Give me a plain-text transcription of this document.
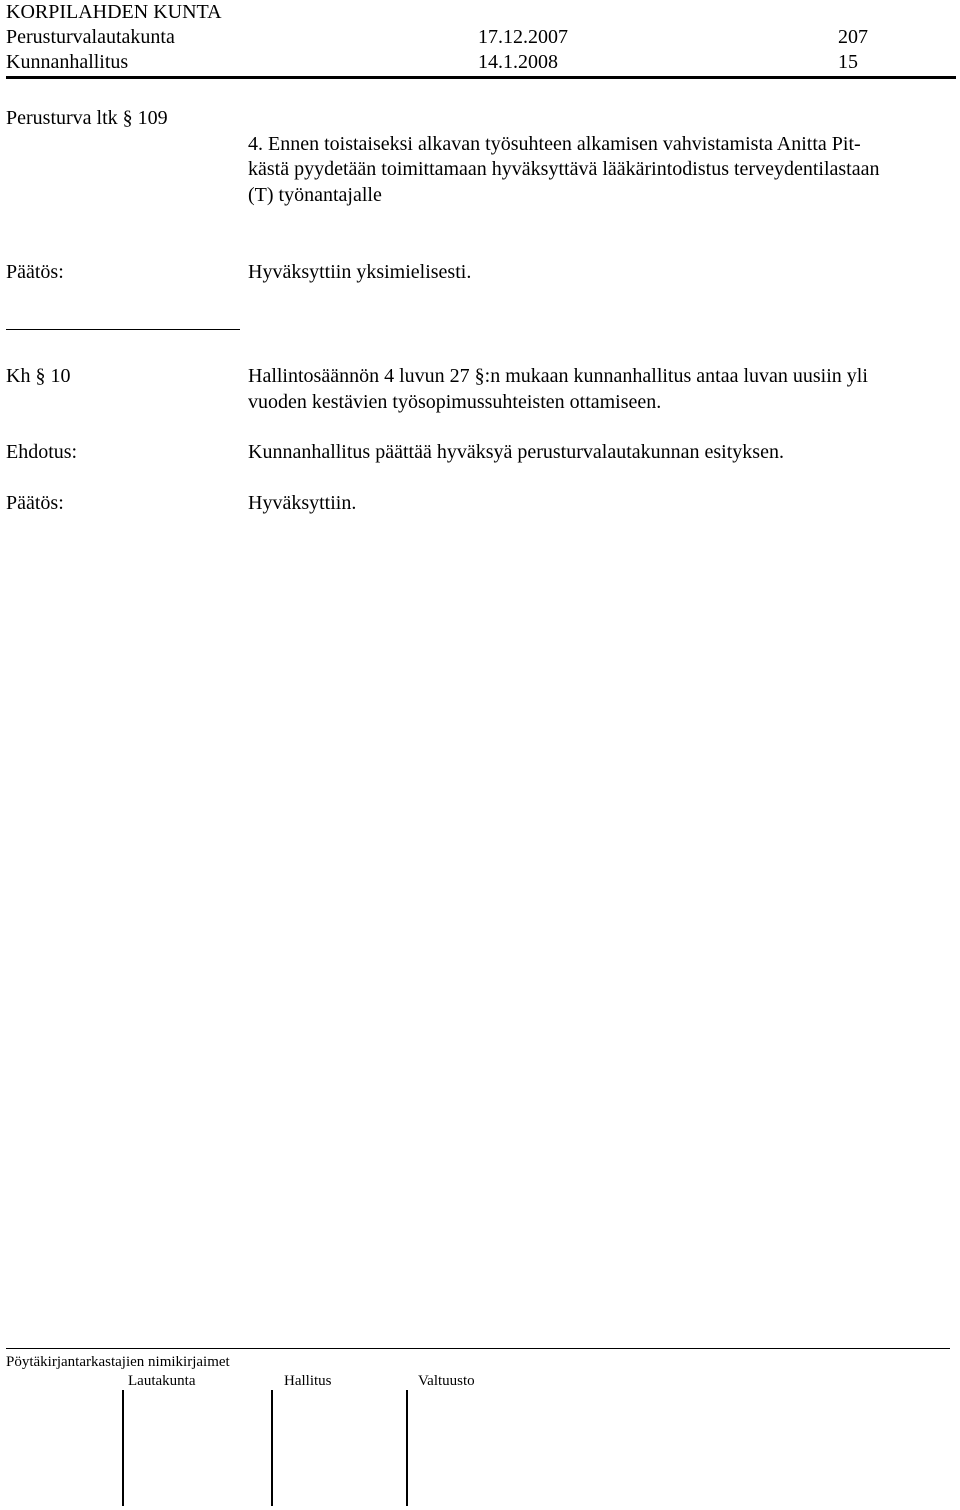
KORPILAHDEN KUNTA
Perusturvalautakunta	17.12.2007	207
Kunnanhallitus	14.1.2008	15
Perusturva ltk § 109
4. Ennen toistaiseksi alkavan työsuhteen alkamisen vahvistamista Anitta Pit-
kästä pyydetään toimittamaan hyväksyttävä lääkärintodistus terveydentilastaan
(T) työnantajalle
Päätös:	Hyväksyttiin yksimielisesti.
Kh § 10	Hallintosäännön 4 luvun 27 §:n mukaan kunnanhallitus antaa luvan uusiin yli
vuoden kestävien työsopimussuhteisten ottamiseen.
Ehdotus:	Kunnanhallitus päättää hyväksyä perusturvalautakunnan esityksen.
Päätös:	Hyväksyttiin.
Pöytäkirjantarkastajien nimikirjaimet
Lautakunta	Hallitus	Valtuusto
